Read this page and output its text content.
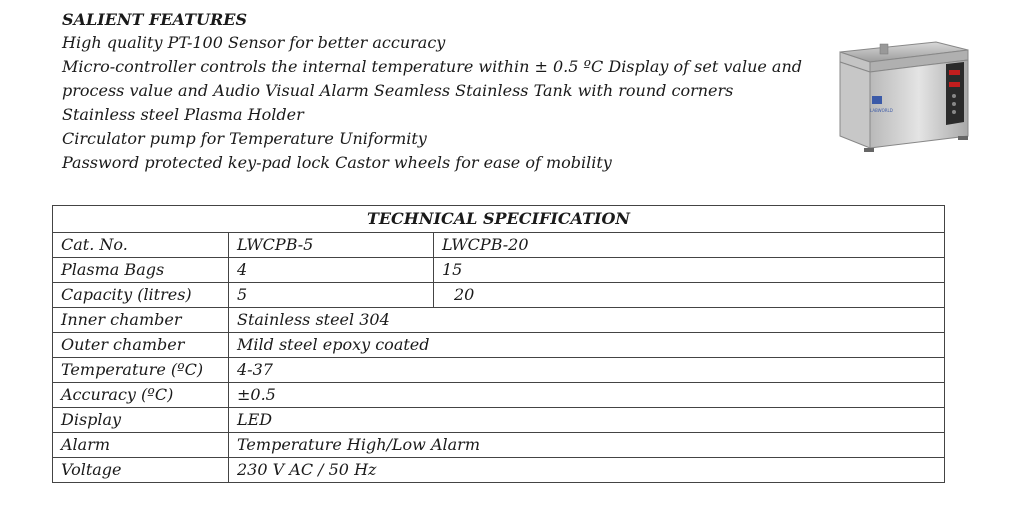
SALIENT FEATURES
High quality PT-100 Sensor for better accuracy
Micro-controller controls the internal temperature within ± 0.5 ºC Display of set value and
process value and Audio Visual Alarm Seamless Stainless Tank with round corners
Stainless steel Plasma Holder
Circulator pump for Temperature Uniformity
Password protected key-pad lock Castor wheels for ease of mobility
LABWORLD
TECHNICAL SPECIFICATION		
Cat. No.	LWCPB-5	LWCPB-20
Plasma Bags	4	15
Capacity (litres)	5	20
Inner chamber	Stainless steel 304	
Outer chamber	Mild steel epoxy coated	
Temperature (ºC)	4-37	
Accuracy (ºC)	±0.5	
Display	LED	
Alarm	Temperature High/Low Alarm	
Voltage	230 V AC / 50 Hz	
